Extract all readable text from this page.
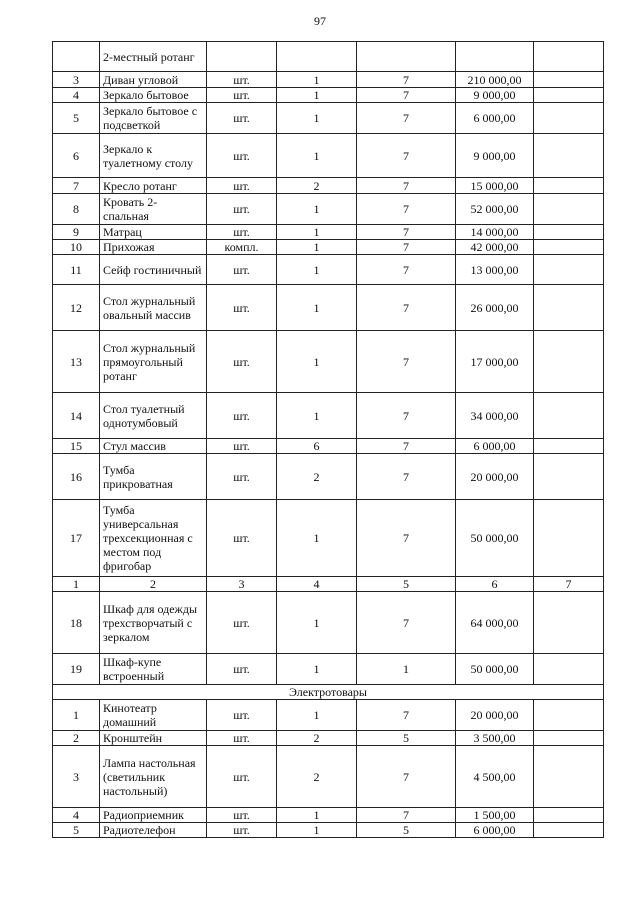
97
	2-местный ротанг					
3	Диван угловой	шт.	1	7	210 000,00	
4	Зеркало бытовое	шт.	1	7	9 000,00	
5	Зеркало бытовое с подсветкой	шт.	1	7	6 000,00	
6	Зеркало к туалетному столу	шт.	1	7	9 000,00	
7	Кресло ротанг	шт.	2	7	15 000,00	
8	Кровать 2-спальная	шт.	1	7	52 000,00	
9	Матрац	шт.	1	7	14 000,00	
10	Прихожая	компл.	1	7	42 000,00	
11	Сейф гостиничный	шт.	1	7	13 000,00	
12	Стол журнальный овальный массив	шт.	1	7	26 000,00	
13	Стол журнальный прямоугольный ротанг	шт.	1	7	17 000,00	
14	Стол туалетный однотумбовый	шт.	1	7	34 000,00	
15	Стул массив	шт.	6	7	6 000,00	
16	Тумба прикроватная	шт.	2	7	20 000,00	
17	Тумба универсальная трехсекционная с местом под фригобар	шт.	1	7	50 000,00	
1	2	3	4	5	6	7
18	Шкаф для одежды трехстворчатый с зеркалом	шт.	1	7	64 000,00	
19	Шкаф-купе встроенный	шт.	1	1	50 000,00	
Электротовары						
1	Кинотеатр домашний	шт.	1	7	20 000,00	
2	Кронштейн	шт.	2	5	3 500,00	
3	Лампа настольная (светильник настольный)	шт.	2	7	4 500,00	
4	Радиоприемник	шт.	1	7	1 500,00	
5	Радиотелефон	шт.	1	5	6 000,00	
